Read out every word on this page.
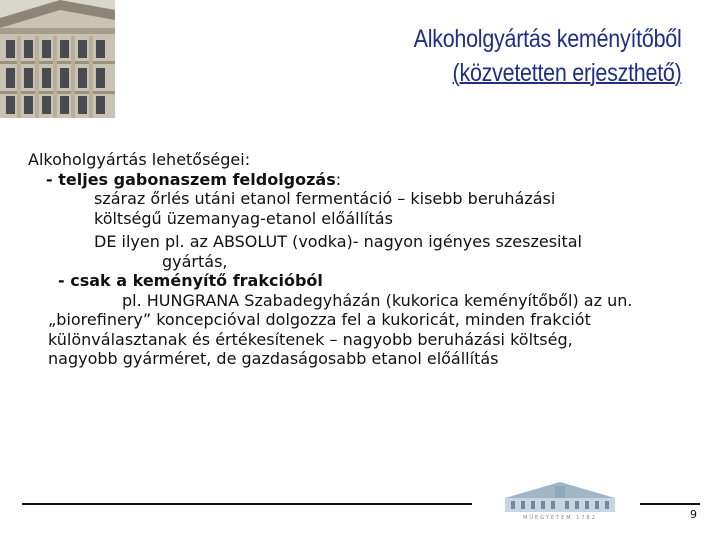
Alkoholgyártás keményítőből
(közvetetten erjeszthető)

Alkoholgyártás lehetőségei:

- teljes gabonaszem feldolgozás:

száraz őrlés utáni etanol fermentáció – kisebb beruházási

költségű üzemanyag-etanol előállítás

DE ilyen pl. az ABSOLUT (vodka)- nagyon igényes szeszesital

gyártás,

- csak a keményítő frakcióból

pl. HUNGRANA Szabadegyházán (kukorica keményítőből) az un.

„biorefinery” koncepcióval dolgozza fel a kukoricát, minden frakciót

különválasztanak és értékesítenek – nagyobb beruházási költség,

nagyobb gyárméret, de gazdaságosabb etanol előállítás

MŰEGYETEM 1782	9
